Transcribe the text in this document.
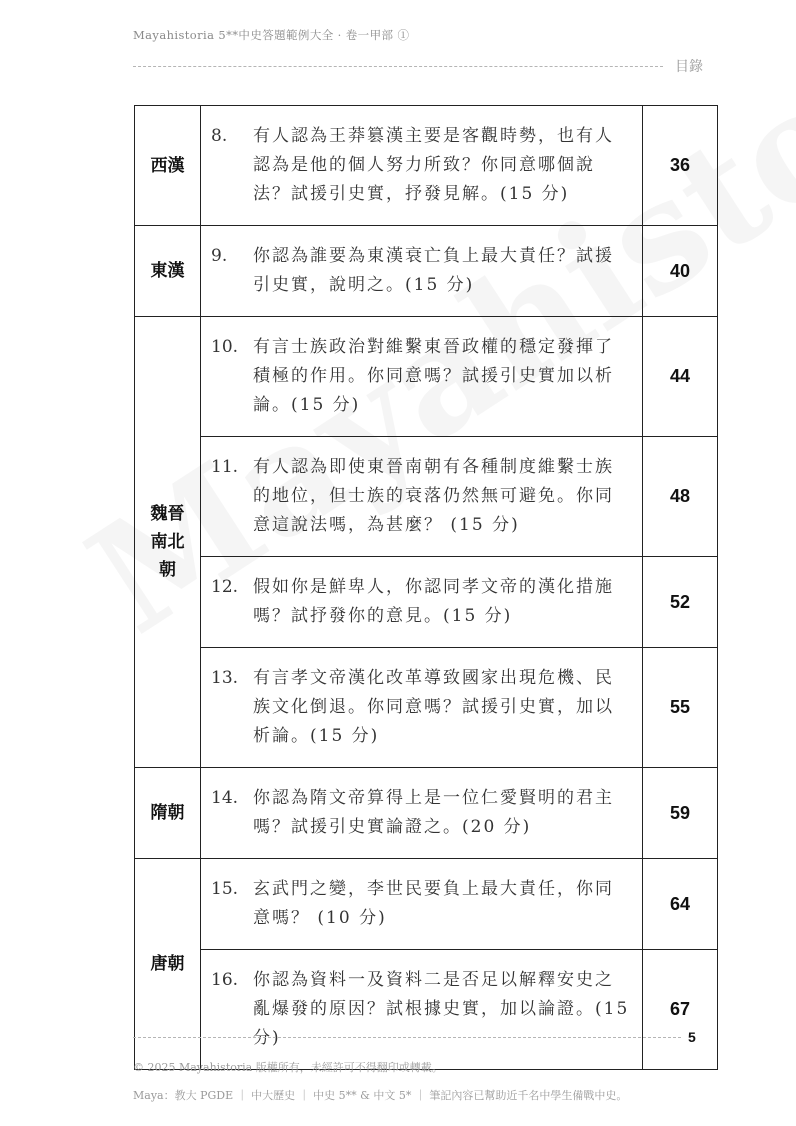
Mayahistoria 5**中史答題範例大全 · 卷一甲部 ①
目錄
西漢	8. 有人認為王莽篡漢主要是客觀時勢，也有人認為是他的個人努力所致？你同意哪個說法？試援引史實，抒發見解。(15 分)	36
東漢	9. 你認為誰要為東漢衰亡負上最大責任？試援引史實，說明之。(15 分)	40

魏晉南北朝	10. 有言士族政治對維繫東晉政權的穩定發揮了積極的作用。你同意嗎？試援引史實加以析論。(15 分)	44

	11. 有人認為即使東晉南朝有各種制度維繫士族的地位，但士族的衰落仍然無可避免。你同意這說法嗎，為甚麼？ (15 分)	48

	12. 假如你是鮮卑人，你認同孝文帝的漢化措施嗎？試抒發你的意見。(15 分)	52

	13. 有言孝文帝漢化改革導致國家出現危機、民族文化倒退。你同意嗎？試援引史實，加以析論。(15 分)	55
隋朝	14. 你認為隋文帝算得上是一位仁愛賢明的君主嗎？試援引史實論證之。(20 分)	59
唐朝	15. 玄武門之變，李世民要負上最大責任，你同意嗎？ (10 分)	64

	16. 你認為資料一及資料二是否足以解釋安史之亂爆發的原因？試根據史實，加以論證。(15 分)	67
5
© 2025 Mayahistoria 版權所有，未經許可不得翻印或轉載。
Maya：教大 PGDE ｜ 中大歷史 ｜ 中史 5** & 中文 5* ｜ 筆記內容已幫助近千名中學生備戰中史。
